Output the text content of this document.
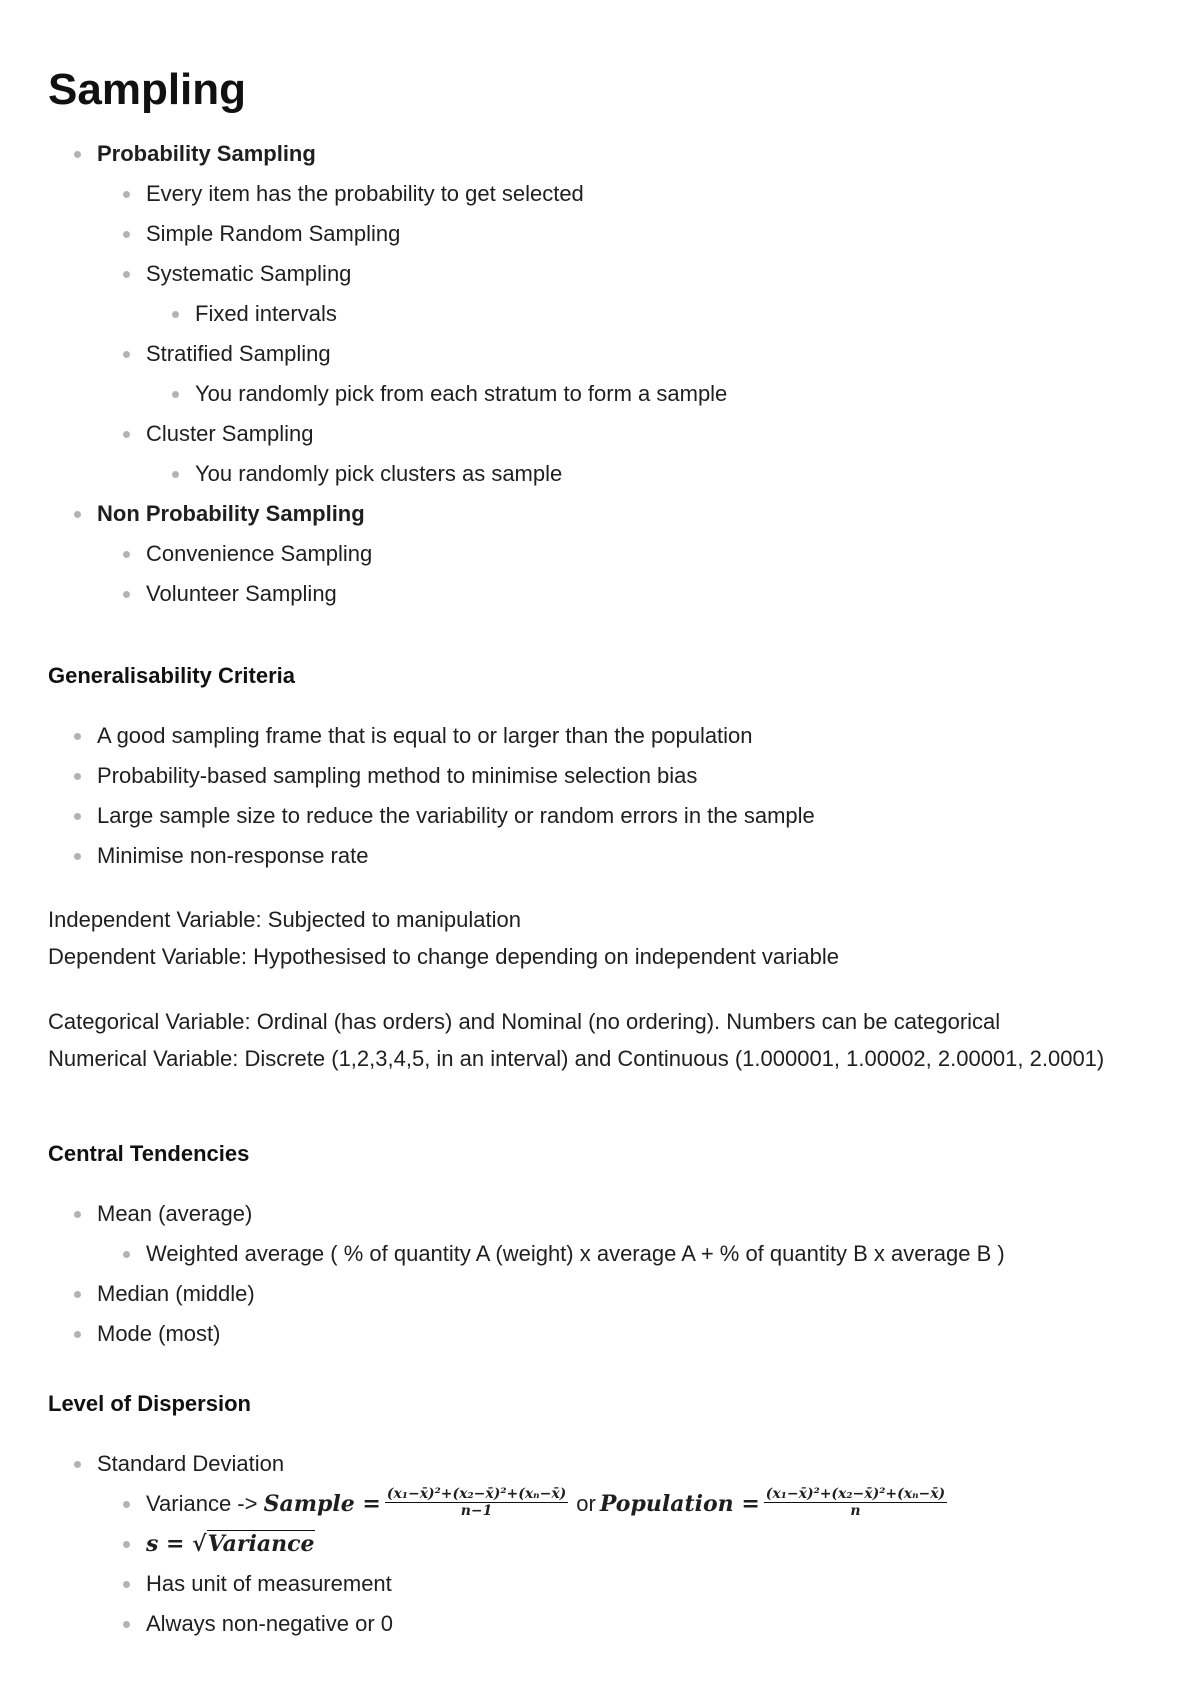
Sampling
Probability Sampling
Every item has the probability to get selected
Simple Random Sampling
Systematic Sampling
Fixed intervals
Stratified Sampling
You randomly pick from each stratum to form a sample
Cluster Sampling
You randomly pick clusters as sample
Non Probability Sampling
Convenience Sampling
Volunteer Sampling
Generalisability Criteria
A good sampling frame that is equal to or larger than the population
Probability-based sampling method to minimise selection bias
Large sample size to reduce the variability or random errors in the sample
Minimise non-response rate
Independent Variable: Subjected to manipulation
Dependent Variable: Hypothesised to change depending on independent variable
Categorical Variable: Ordinal (has orders) and Nominal (no ordering). Numbers can be categorical
Numerical Variable: Discrete (1,2,3,4,5, in an interval) and Continuous (1.000001, 1.00002, 2.00001, 2.0001)
Central Tendencies
Mean (average)
Weighted average ( % of quantity A (weight) x average A + % of quantity B x average B )
Median (middle)
Mode (most)
Level of Dispersion
Standard Deviation
Variance -> Sample = $\frac{\text{(x₁−x̄)²+(x₂−x̄)²+(xₙ−x̄)}}{n-1}$ or Population = $\frac{\text{(x₁−x̄)²+(x₂−x̄)²+(xₙ−x̄)}}{n}$
s = √Variance
Has unit of measurement
Always non-negative or 0
